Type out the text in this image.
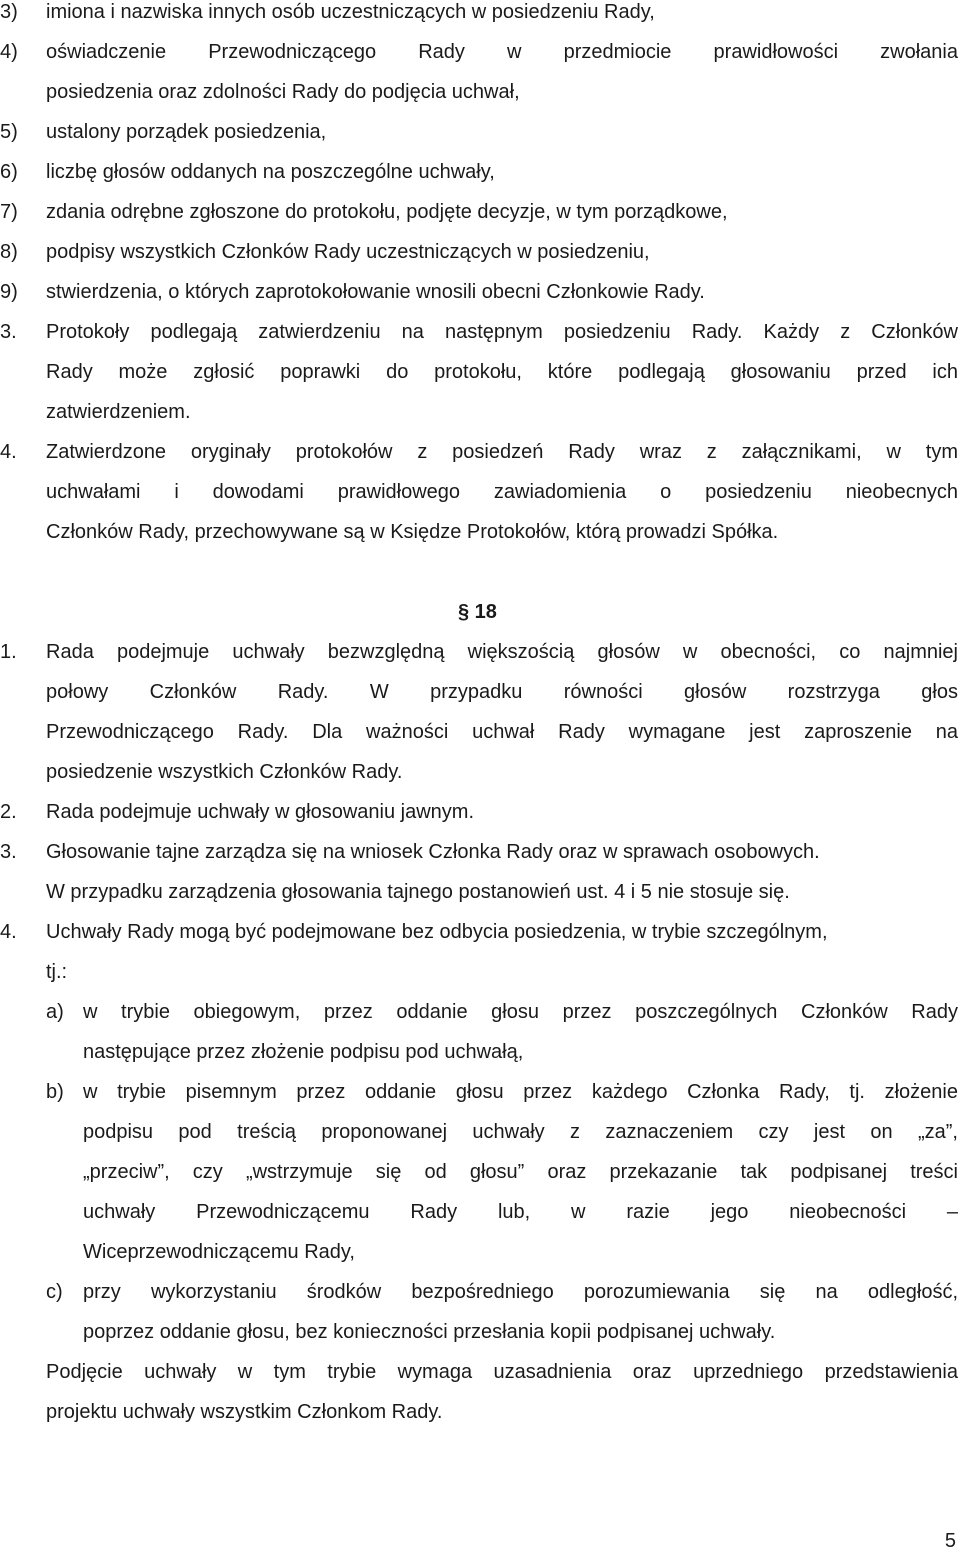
3)	imiona i nazwiska innych osób uczestniczących w posiedzeniu Rady,
4)	oświadczenie Przewodniczącego Rady w przedmiocie prawidłowości zwołania
posiedzenia oraz zdolności Rady do podjęcia uchwał,
5)	ustalony porządek posiedzenia,
6)	liczbę głosów oddanych na poszczególne uchwały,
7)	zdania odrębne zgłoszone do protokołu, podjęte decyzje, w tym porządkowe,
8)	podpisy wszystkich Członków Rady uczestniczących w posiedzeniu,
9)	stwierdzenia, o których zaprotokołowanie wnosili obecni Członkowie Rady.
3.	Protokoły podlegają zatwierdzeniu na następnym posiedzeniu Rady. Każdy z Członków
Rady może zgłosić poprawki do protokołu, które podlegają głosowaniu przed ich
zatwierdzeniem.
4.	Zatwierdzone oryginały protokołów z posiedzeń Rady wraz z załącznikami, w tym
uchwałami i dowodami prawidłowego zawiadomienia o posiedzeniu nieobecnych
Członków Rady, przechowywane są w Księdze Protokołów, którą prowadzi Spółka.
§ 18
1.	Rada podejmuje uchwały bezwzględną większością głosów w obecności, co najmniej
połowy Członków Rady. W przypadku równości głosów rozstrzyga głos
Przewodniczącego Rady. Dla ważności uchwał Rady wymagane jest zaproszenie na
posiedzenie wszystkich Członków Rady.
2.	Rada podejmuje uchwały w głosowaniu jawnym.
3.	Głosowanie tajne zarządza się na wniosek Członka Rady oraz w sprawach osobowych.
W przypadku zarządzenia głosowania tajnego postanowień ust. 4 i 5 nie stosuje się.
4.	Uchwały Rady mogą być podejmowane bez odbycia posiedzenia, w trybie szczególnym,
tj.:
a) w trybie obiegowym, przez oddanie głosu przez poszczególnych Członków Rady
następujące przez złożenie podpisu pod uchwałą,
b) w trybie pisemnym przez oddanie głosu przez każdego Członka Rady, tj. złożenie
podpisu pod treścią proponowanej uchwały z zaznaczeniem czy jest on „za”,
„przeciw”, czy „wstrzymuje się od głosu” oraz przekazanie tak podpisanej treści
uchwały Przewodniczącemu Rady lub, w razie jego nieobecności –
Wiceprzewodniczącemu Rady,
c)	przy wykorzystaniu środków bezpośredniego porozumiewania się na odległość,
poprzez oddanie głosu, bez konieczności przesłania kopii podpisanej uchwały.
Podjęcie uchwały w tym trybie wymaga uzasadnienia oraz uprzedniego przedstawienia
projektu uchwały wszystkim Członkom Rady.
5
